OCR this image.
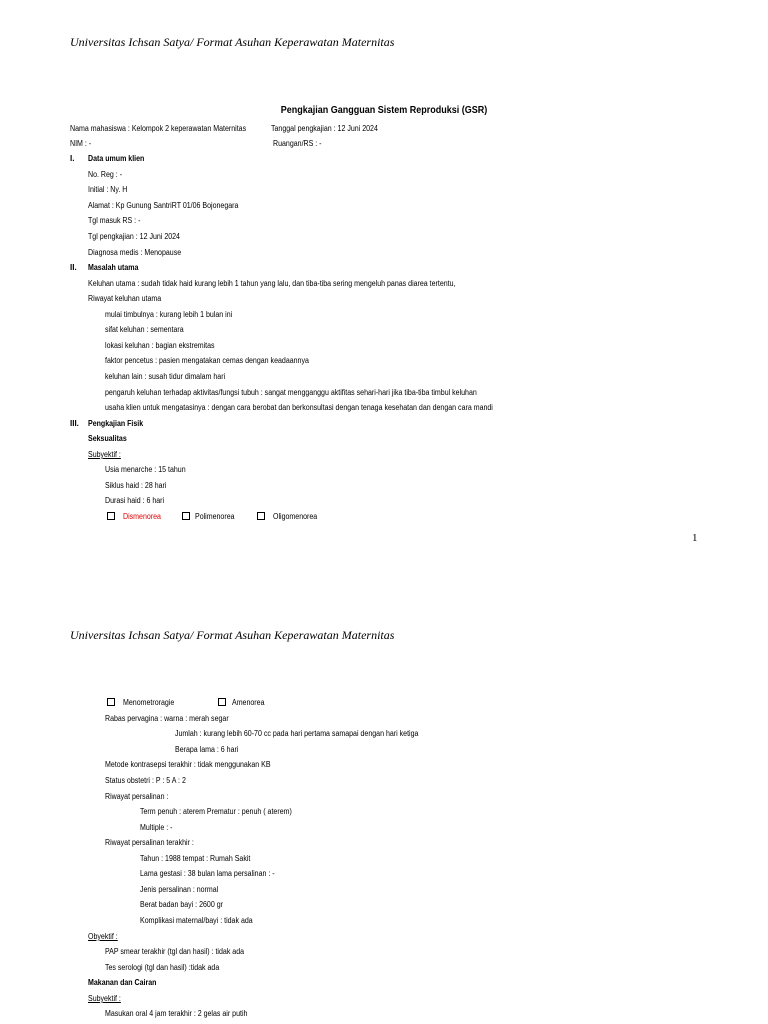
Universitas Ichsan Satya/ Format Asuhan Keperawatan Maternitas
Pengkajian Gangguan Sistem Reproduksi (GSR)
Nama mahasiswa : Kelompok 2 keperawatan Maternitas	Tanggal pengkajian : 12 Juni 2024
NIM : -	Ruangan/RS : -
I. Data umum klien
No. Reg : -
Initial : Ny. H
Alamat : Kp Gunung SantriRT 01/06 Bojonegara
Tgl masuk RS : -
Tgl pengkajian : 12 Juni 2024
Diagnosa medis : Menopause
II. Masalah utama
Keluhan utama : sudah tidak haid kurang lebih 1 tahun yang lalu, dan tiba-tiba sering mengeluh panas diarea tertentu,
Riwayat keluhan utama
mulai timbulnya : kurang lebih 1 bulan ini
sifat keluhan : sementara
lokasi keluhan : bagian ekstremitas
faktor pencetus : pasien mengatakan cemas dengan keadaannya
keluhan lain : susah tidur dimalam hari
pengaruh keluhan terhadap aktivitas/fungsi tubuh : sangat mengganggu aktifitas sehari-hari jika tiba-tiba timbul keluhan
usaha klien untuk mengatasinya : dengan cara berobat dan berkonsultasi dengan tenaga kesehatan dan dengan cara mandi
III. Pengkajian Fisik
Seksualitas
Subyektif :
Usia menarche : 15 tahun
Siklus haid : 28 hari
Durasi haid : 6 hari
Dismenorea	Polimenorea	Oligomenorea
1
Universitas Ichsan Satya/ Format Asuhan Keperawatan Maternitas
Menometroragie	Amenorea
Rabas pervagina : warna : merah segar
Jumlah : kurang lebih 60-70 cc pada hari pertama samapai dengan hari ketiga
Berapa lama : 6 hari
Metode kontrasepsi terakhir : tidak menggunakan KB
Status obstetri : P : 5 A : 2
Riwayat persalinan :
Term penuh : aterem Prematur : penuh ( aterem)
Multiple : -
Riwayat persalinan terakhir :
Tahun : 1988 tempat : Rumah Sakit
Lama gestasi : 38 bulan lama persalinan : -
Jenis persalinan : normal
Berat badan bayi : 2600 gr
Komplikasi maternal/bayi : tidak ada
Obyektif :
PAP smear terakhir (tgl dan hasil) : tidak ada
Tes serologi (tgl dan hasil) :tidak ada
Makanan dan Cairan
Subyektif :
Masukan oral 4 jam terakhir : 2 gelas air putih
